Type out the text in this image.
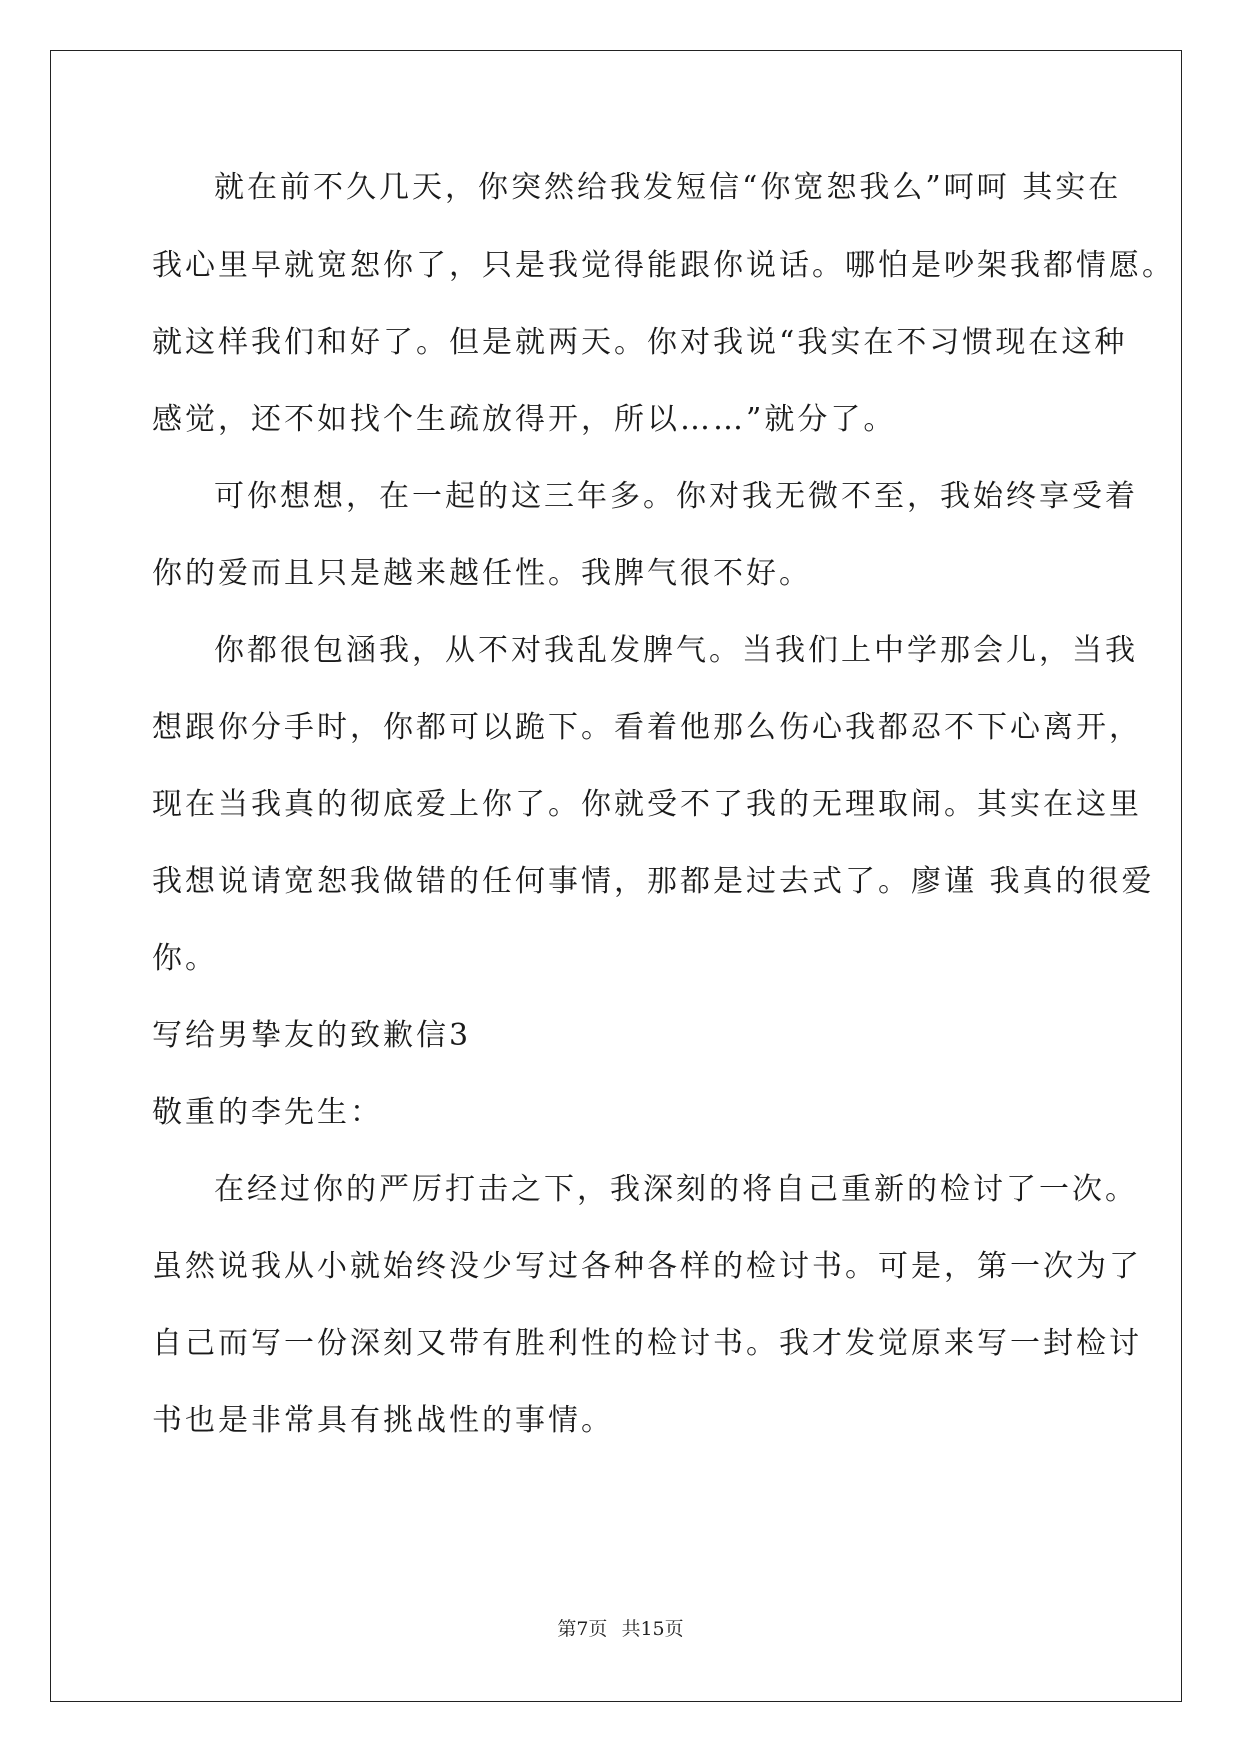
就在前不久几天，你突然给我发短信“你宽恕我么”呵呵 其实在
我心里早就宽恕你了，只是我觉得能跟你说话。哪怕是吵架我都情愿。
就这样我们和好了。但是就两天。你对我说“我实在不习惯现在这种
感觉，还不如找个生疏放得开，所以……”就分了。
可你想想，在一起的这三年多。你对我无微不至，我始终享受着
你的爱而且只是越来越任性。我脾气很不好。
你都很包涵我，从不对我乱发脾气。当我们上中学那会儿，当我
想跟你分手时，你都可以跪下。看着他那么伤心我都忍不下心离开，
现在当我真的彻底爱上你了。你就受不了我的无理取闹。其实在这里
我想说请宽恕我做错的任何事情，那都是过去式了。廖谨 我真的很爱
你。
写给男挚友的致歉信3
敬重的李先生：
在经过你的严厉打击之下，我深刻的将自己重新的检讨了一次。
虽然说我从小就始终没少写过各种各样的检讨书。可是，第一次为了
自己而写一份深刻又带有胜利性的检讨书。我才发觉原来写一封检讨
书也是非常具有挑战性的事情。
第7页 共15页
